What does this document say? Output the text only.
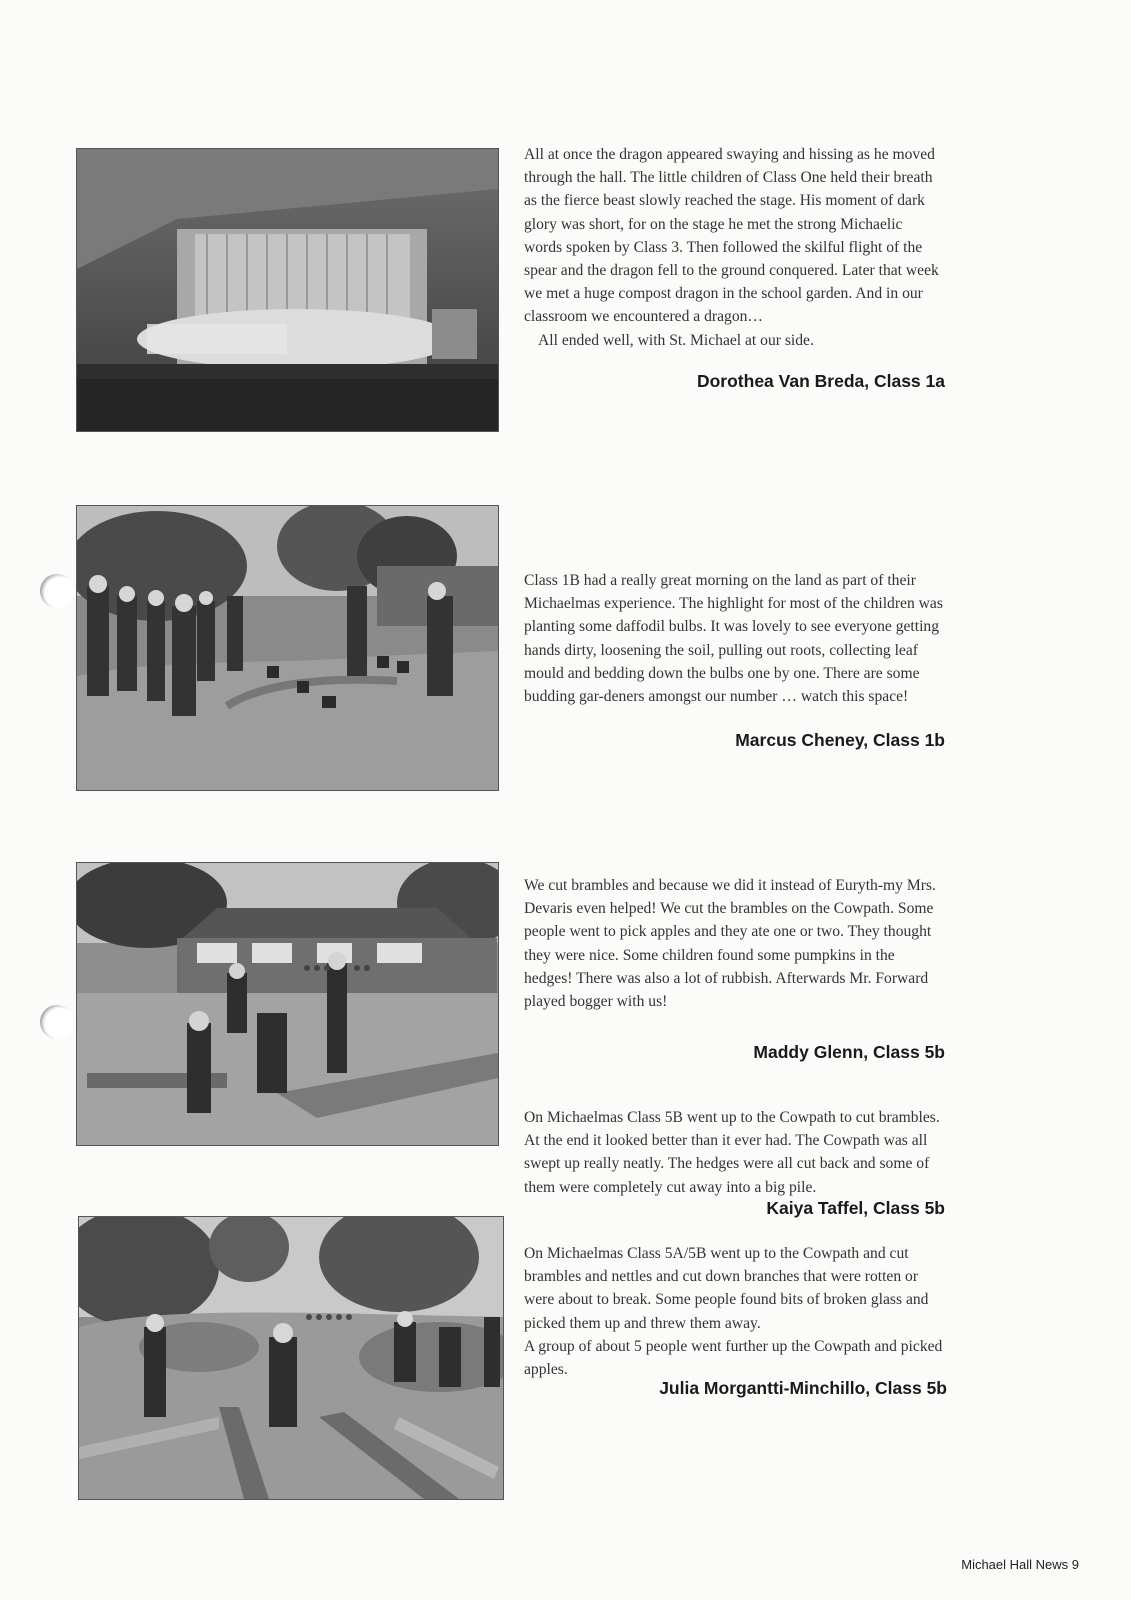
All at once the dragon appeared swaying and hissing as he moved through the hall. The little children of Class One held their breath as the fierce beast slowly reached the stage. His moment of dark glory was short, for on the stage he met the strong Michaelic words spoken by Class 3. Then followed the skilful flight of the spear and the dragon fell to the ground conquered. Later that week we met a huge compost dragon in the school garden. And in our classroom we encountered a dragon…
All ended well, with St. Michael at our side.

Dorothea Van Breda, Class 1a

Class 1B had a really great morning on the land as part of their Michaelmas experience. The highlight for most of the children was planting some daffodil bulbs. It was lovely to see everyone getting hands dirty, loosening the soil, pulling out roots, collecting leaf mould and bedding down the bulbs one by one. There are some budding gar-deners amongst our number … watch this space!

Marcus Cheney, Class 1b

We cut brambles and because we did it instead of Euryth-my Mrs. Devaris even helped! We cut the brambles on the Cowpath. Some people went to pick apples and they ate one or two. They thought they were nice. Some children found some pumpkins in the hedges! There was also a lot of rubbish. Afterwards Mr. Forward played bogger with us!

Maddy Glenn, Class 5b

On Michaelmas Class 5B went up to the Cowpath to cut brambles. At the end it looked better than it ever had. The Cowpath was all swept up really neatly. The hedges were all cut back and some of them were completely cut away into a big pile.

Kaiya Taffel, Class 5b

On Michaelmas Class 5A/5B went up to the Cowpath and cut brambles and nettles and cut down branches that were rotten or were about to break. Some people found bits of broken glass and picked them up and threw them away.
A group of about 5 people went further up the Cowpath and picked apples.

Julia Morgantti-Minchillo, Class 5b
Michael Hall News 9
